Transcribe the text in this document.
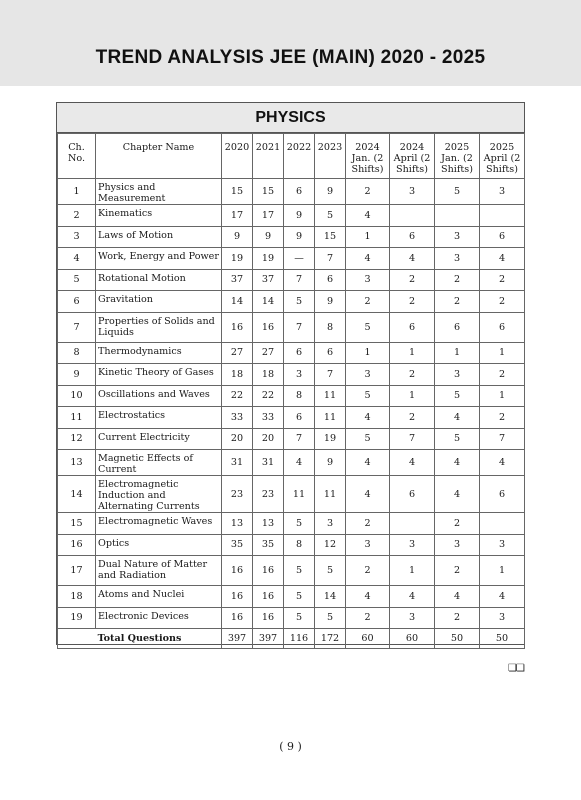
TREND ANALYSIS JEE (MAIN) 2020 - 2025
PHYSICS
Ch. No.	Chapter Name	2020	2021	2022	2023	2024 Jan. (2 Shifts)	2024 April (2 Shifts)	2025 Jan. (2 Shifts)	2025 April (2 Shifts)
1	Physics and Measurement	15	15	6	9	2	3	5	3
2	Kinematics	17	17	9	5	4			
3	Laws of Motion	9	9	9	15	1	6	3	6
4	Work, Energy and Power	19	19	—	7	4	4	3	4
5	Rotational Motion	37	37	7	6	3	2	2	2
6	Gravitation	14	14	5	9	2	2	2	2
7	Properties of Solids and Liquids	16	16	7	8	5	6	6	6
8	Thermodynamics	27	27	6	6	1	1	1	1
9	Kinetic Theory of Gases	18	18	3	7	3	2	3	2
10	Oscillations and Waves	22	22	8	11	5	1	5	1
11	Electrostatics	33	33	6	11	4	2	4	2
12	Current Electricity	20	20	7	19	5	7	5	7
13	Magnetic Effects of Current	31	31	4	9	4	4	4	4
14	Electromagnetic Induction and Alternating Currents	23	23	11	11	4	6	4	6
15	Electromagnetic Waves	13	13	5	3	2		2	
16	Optics	35	35	8	12	3	3	3	3
17	Dual Nature of Matter and Radiation	16	16	5	5	2	1	2	1
18	Atoms and Nuclei	16	16	5	14	4	4	4	4
19	Electronic Devices	16	16	5	5	2	3	2	3
Total Questions		397	397	116	172	60	60	50	50
❏❏
( 9 )
